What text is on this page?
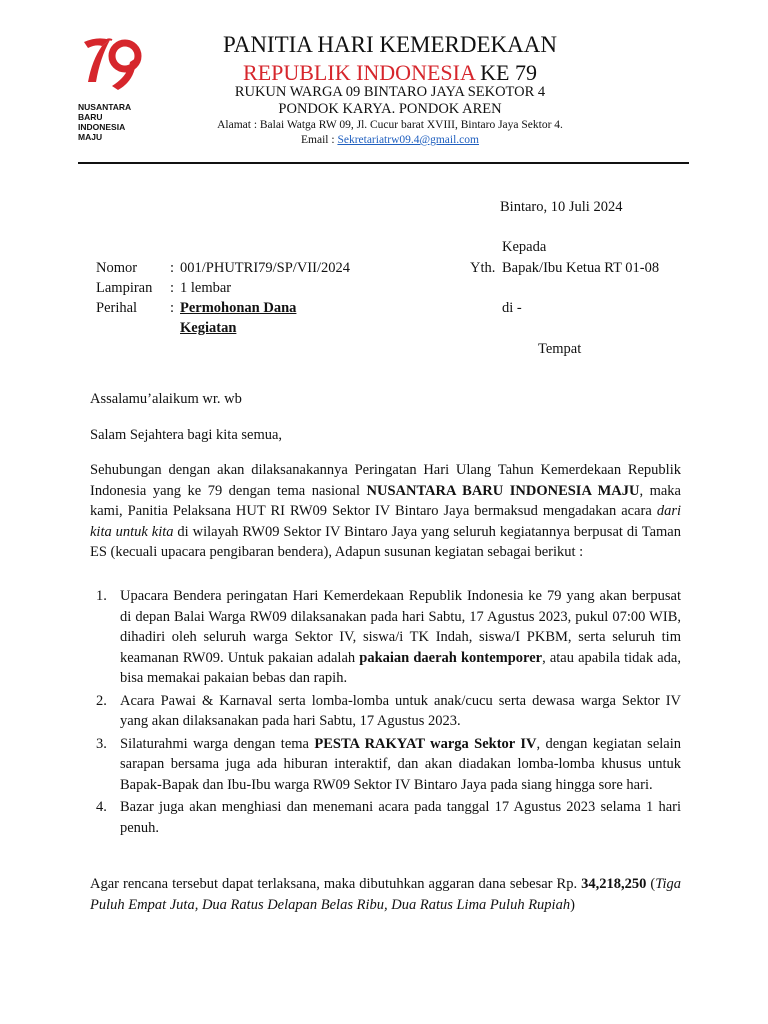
NUSANTARA
BARU
INDONESIA
MAJU
PANITIA HARI KEMERDEKAAN
REPUBLIK INDONESIA KE 79
RUKUN WARGA 09 BINTARO JAYA SEKOTOR 4
PONDOK KARYA. PONDOK AREN
Alamat : Balai Watga RW 09, Jl. Cucur barat XVIII, Bintaro Jaya Sektor 4.
Email : Sekretariatrw09.4@gmail.com
Bintaro, 10 Juli 2024
Kepada
Yth. Bapak/Ibu Ketua RT 01-08
di -
Tempat
Nomor : 001/PHUTRI79/SP/VII/2024
Lampiran : 1 lembar
Perihal : Permohonan Dana
Kegiatan
Assalamu’alaikum wr. wb
Salam Sejahtera bagi kita semua,
Sehubungan dengan akan dilaksanakannya Peringatan Hari Ulang Tahun Kemerdekaan Republik Indonesia yang ke 79 dengan tema nasional NUSANTARA BARU INDONESIA MAJU, maka kami, Panitia Pelaksana HUT RI RW09 Sektor IV Bintaro Jaya bermaksud mengadakan acara dari kita untuk kita di wilayah RW09 Sektor IV Bintaro Jaya yang seluruh kegiatannya berpusat di Taman ES (kecuali upacara pengibaran bendera), Adapun susunan kegiatan sebagai berikut :
1. Upacara Bendera peringatan Hari Kemerdekaan Republik Indonesia ke 79 yang akan berpusat di depan Balai Warga RW09 dilaksanakan pada hari Sabtu, 17 Agustus 2023, pukul 07:00 WIB, dihadiri oleh seluruh warga Sektor IV, siswa/i TK Indah, siswa/I PKBM, serta seluruh tim keamanan RW09. Untuk pakaian adalah pakaian daerah kontemporer, atau apabila tidak ada, bisa memakai pakaian bebas dan rapih.
2. Acara Pawai & Karnaval serta lomba-lomba untuk anak/cucu serta dewasa warga Sektor IV yang akan dilaksanakan pada hari Sabtu, 17 Agustus 2023.
3. Silaturahmi warga dengan tema PESTA RAKYAT warga Sektor IV, dengan kegiatan selain sarapan bersama juga ada hiburan interaktif, dan akan diadakan lomba-lomba khusus untuk Bapak-Bapak dan Ibu-Ibu warga RW09 Sektor IV Bintaro Jaya pada siang hingga sore hari.
4. Bazar juga akan menghiasi dan menemani acara pada tanggal 17 Agustus 2023 selama 1 hari penuh.
Agar rencana tersebut dapat terlaksana, maka dibutuhkan aggaran dana sebesar Rp. 34,218,250 (Tiga Puluh Empat Juta, Dua Ratus Delapan Belas Ribu, Dua Ratus Lima Puluh Rupiah)
